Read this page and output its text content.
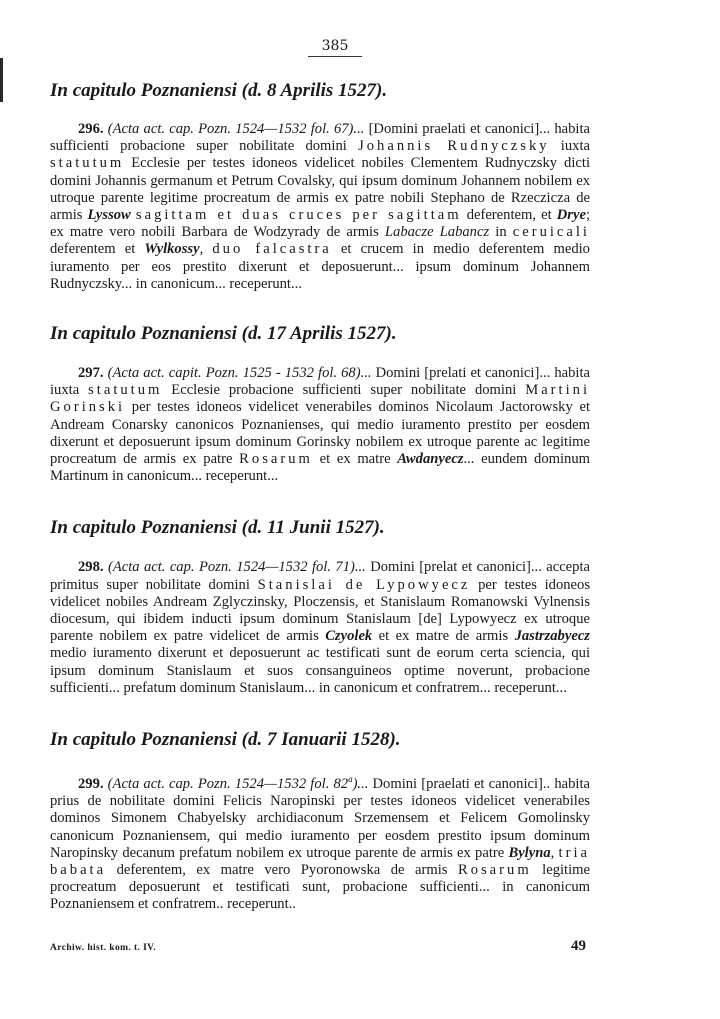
385
In capitulo Poznaniensi (d. 8 Aprilis 1527).

296. (Acta act. cap. Pozn. 1524—1532 fol. 67)... [Domini praelati et canonici]... habita sufficienti probacione super nobilitate domini Johannis Rudnyczsky iuxta statutum Ecclesie per testes idoneos videlicet nobiles Clementem Rudnyczsky dicti domini Johannis germanum et Petrum Covalsky, qui ipsum dominum Johannem nobilem ex utroque parente legitime procreatum de armis ex patre nobili Stephano de Rzeczicza de armis Lyssow sagittam et duas cruces per sagittam deferentem, et Drye; ex matre vero nobili Barbara de Wodzyrady de armis Labacze Labancz in ceruicali deferentem et Wylkossy, duo falcastra et crucem in medio deferentem medio iuramento per eos prestito dixerunt et deposuerunt... ipsum dominum Johannem Rudnyczsky... in canonicum... receperunt...

In capitulo Poznaniensi (d. 17 Aprilis 1527).

297. (Acta act. capit. Pozn. 1525 - 1532 fol. 68)... Domini [prelati et canonici]... habita iuxta statutum Ecclesie probacione sufficienti super nobilitate domini Martini Gorinski per testes idoneos videlicet venerabiles dominos Nicolaum Jactorowsky et Andream Conarsky canonicos Poznanienses, qui medio iuramento prestito per eosdem dixerunt et deposuerunt ipsum dominum Gorinsky nobilem ex utroque parente ac legitime procreatum de armis ex patre Rosarum et ex matre Awdanyecz... eundem dominum Martinum in canonicum... receperunt...

In capitulo Poznaniensi (d. 11 Junii 1527).

298. (Acta act. cap. Pozn. 1524—1532 fol. 71)... Domini [prelat et canonici]... accepta primitus super nobilitate domini Stanislai de Lypowyecz per testes idoneos videlicet nobiles Andream Zglyczinsky, Ploczensis, et Stanislaum Romanowski Vylnensis diocesum, qui ibidem inducti ipsum dominum Stanislaum [de] Lypowyecz ex utroque parente nobilem ex patre videlicet de armis Czyolek et ex matre de armis Jastrzabyecz medio iuramento dixerunt et deposuerunt ac testificati sunt de eorum certa sciencia, qui ipsum dominum Stanislaum et suos consanguineos optime noverunt, probacione sufficienti... prefatum dominum Stanislaum... in canonicum et confratrem... receperunt...

In capitulo Poznaniensi (d. 7 Ianuarii 1528).

299. (Acta act. cap. Pozn. 1524—1532 fol. 82$^a$)... Domini [praelati et canonici].. habita prius de nobilitate domini Felicis Naropinski per testes idoneos videlicet venerabiles dominos Simonem Chabyelsky archidiaconum Srzemensem et Felicem Gomolinsky canonicum Poznaniensem, qui medio iuramento per eosdem prestito ipsum dominum Naropinsky decanum prefatum nobilem ex utroque parente de armis ex patre Bylyna, tria babata deferentem, ex matre vero Pyoronowska de armis Rosarum legitime procreatum deposuerunt et testificati sunt, probacione sufficienti... in canonicum Poznaniensem et confratrem.. receperunt..

Archiw. hist. kom. t. IV.	49
